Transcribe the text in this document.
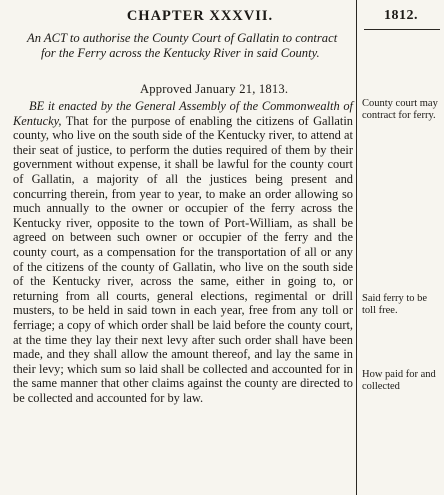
CHAPTER XXXVII.	1812.

An ACT to authorise the County Court of Gallatin to contract for the Ferry across the Kentucky River in said County.

Approved January 21, 1813.

BE it enacted by the General Assembly of the Commonwealth of Kentucky, That for the purpose of enabling the citizens of Gallatin county, who live on the south side of the Kentucky river, to attend at their seat of justice, to perform the duties required of them by their government without expense, it shall be lawful for the county court of Gallatin, a majority of all the justices being present and concurring therein, from year to year, to make an order allowing so much annually to the owner or occupier of the ferry across the Kentucky river, opposite to the town of Port-William, as shall be agreed on between such owner or occupier of the ferry and the county court, as a compensation for the transportation of all or any of the citizens of the county of Gallatin, who live on the south side of the Kentucky river, across the same, either in going to, or returning from all courts, general elections, regimental or drill musters, to be held in said town in each year, free from any toll or ferriage; a copy of which order shall be laid before the county court, at the time they lay their next levy after such order shall have been made, and they shall allow the amount thereof, and lay the same in their levy; which sum so laid shall be collected and accounted for in the same manner that other claims against the county are directed to be collected and accounted for by law.

County court may contract for ferry.
Said ferry to be toll free.
How paid for and collected
